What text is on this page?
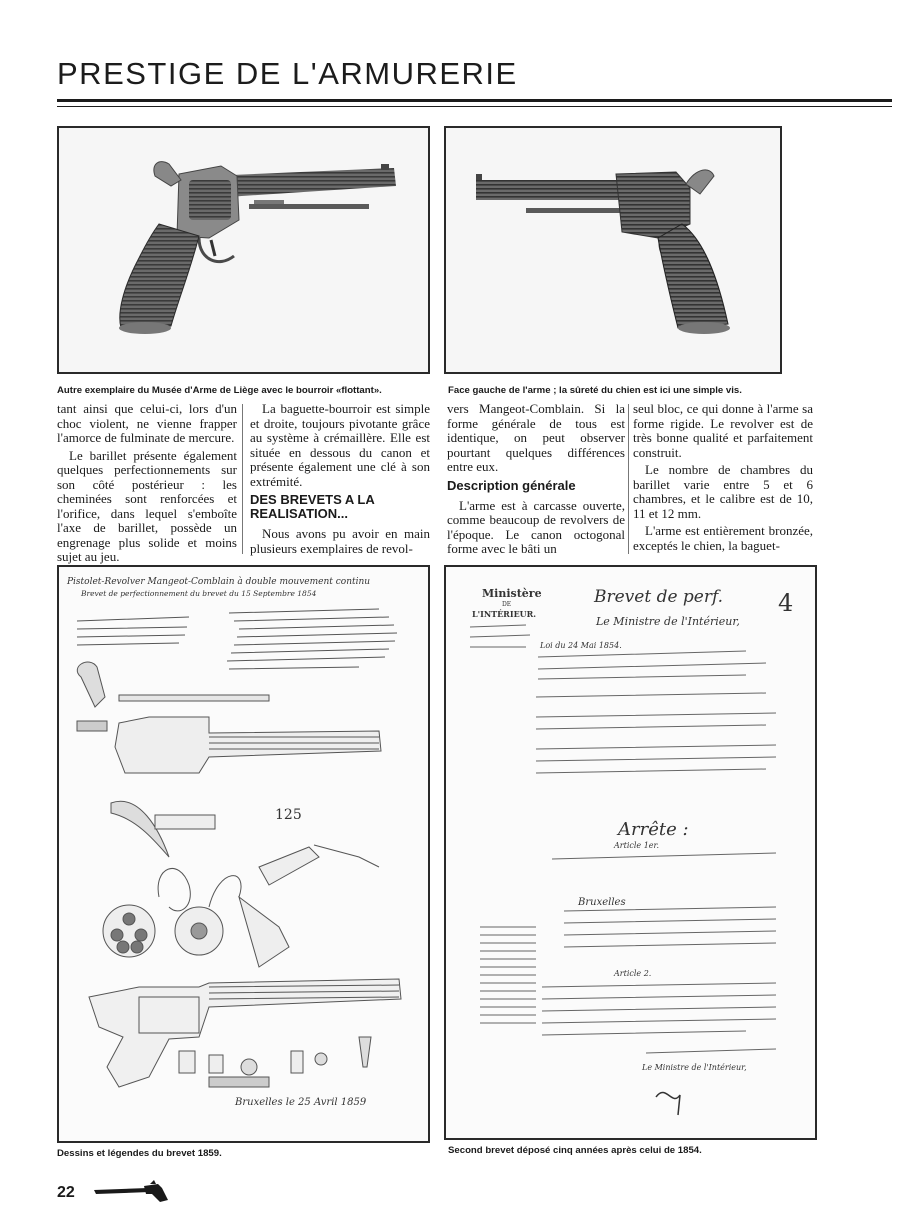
PRESTIGE DE L'ARMURERIE
Autre exemplaire du Musée d'Arme de Liège avec le bourroir «flottant».	Face gauche de l'arme ; la sûreté du chien est ici une simple vis.

tant ainsi que celui-ci, lors d'un choc violent, ne vienne frapper l'amorce de fulminate de mercure.

Le barillet présente également quelques perfectionnements sur son côté postérieur : les cheminées sont renforcées et l'orifice, dans lequel s'emboîte l'axe de barillet, possède un engrenage plus solide et moins sujet au jeu.

La baguette-bourroir est simple et droite, toujours pivotante grâce au système à crémaillère. Elle est située en dessous du canon et présente également une clé à son extrémité.

DES BREVETS A LA REALISATION...

Nous avons pu avoir en main plusieurs exemplaires de revol-

vers Mangeot-Comblain. Si la forme générale de tous est identique, on peut observer pourtant quelques différences entre eux.

Description générale

L'arme est à carcasse ouverte, comme beaucoup de revolvers de l'époque. Le canon octogonal forme avec le bâti un

seul bloc, ce qui donne à l'arme sa forme rigide. Le revolver est de très bonne qualité et parfaitement construit.

Le nombre de chambres du barillet varie entre 5 et 6 chambres, et le calibre est de 10, 11 et 12 mm.

L'arme est entièrement bronzée, exceptés le chien, la baguet-

Pistolet-Revolver Mangeot-Comblain à double mouvement continu
Brevet de perfectionnement du brevet du 15 Septembre 1854
125
Bruxelles le 25 Avril 1859
Ministère
DE
L'INTÉRIEUR.
Brevet de perf. 4
Le Ministre de l'Intérieur,
Loi du 24 Mai 1854.
Arrête :
Article 1er.
Bruxelles
Article 2.
Le Ministre de l'Intérieur,
Dessins et légendes du brevet 1859.	Second brevet déposé cinq années après celui de 1854.
22
